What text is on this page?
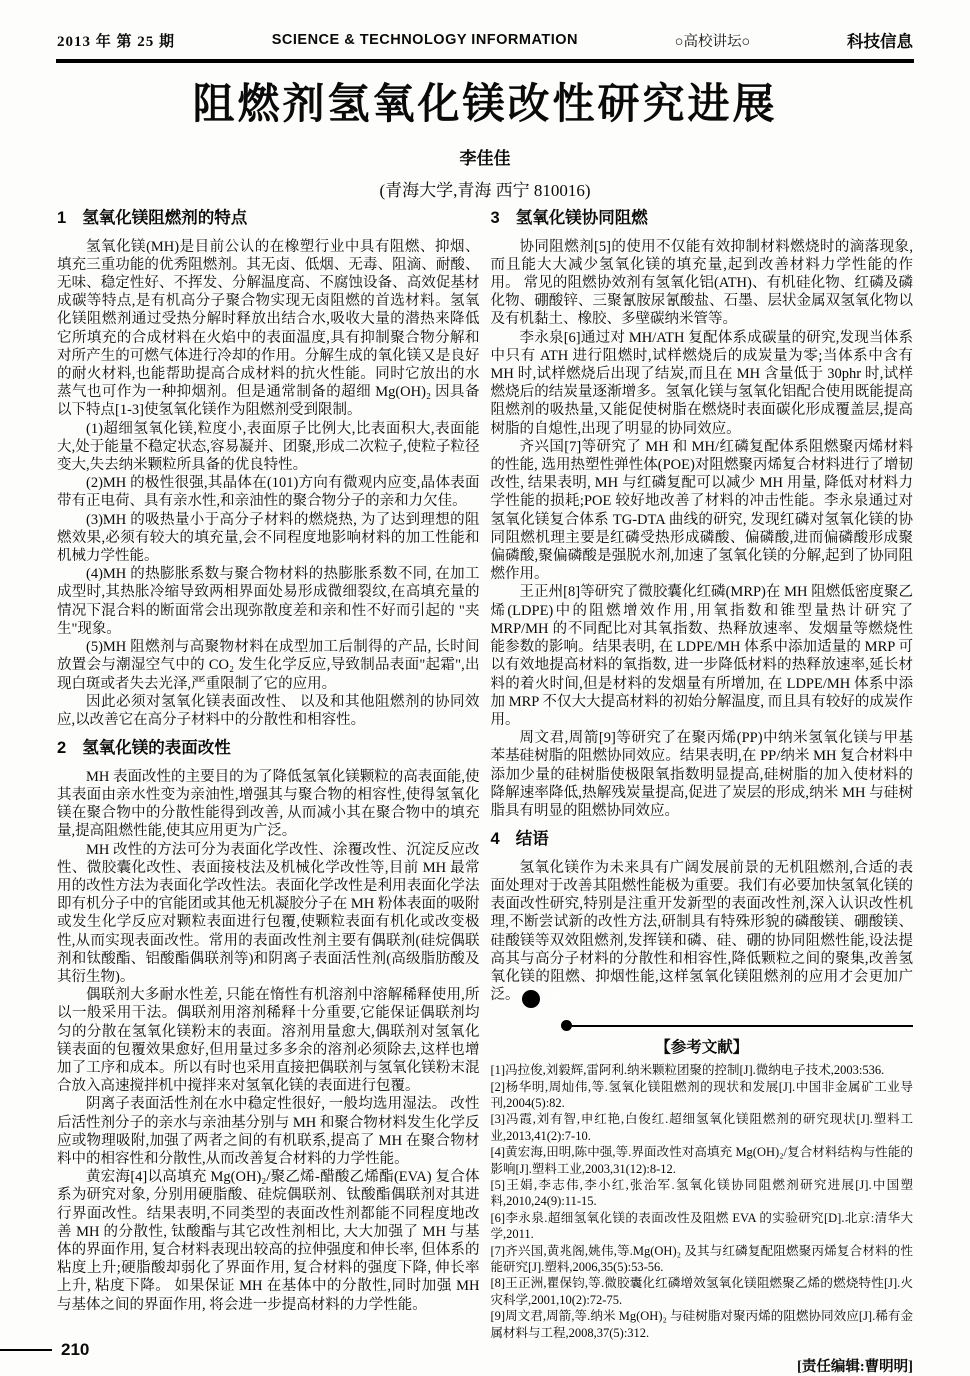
2013 年 第 25 期	SCIENCE & TECHNOLOGY INFORMATION	○高校讲坛○	科技信息
阻燃剂氢氧化镁改性研究进展
李佳佳
(青海大学,青海 西宁 810016)
1 氢氧化镁阻燃剂的特点

氢氧化镁(MH)是目前公认的在橡塑行业中具有阻燃、抑烟、填充三重功能的优秀阻燃剂。其无卤、低烟、无毒、阻滴、耐酸、无味、稳定性好、不挥发、分解温度高、不腐蚀设备、高效促基材成碳等特点,是有机高分子聚合物实现无卤阻燃的首选材料。氢氧化镁阻燃剂通过受热分解时释放出结合水,吸收大量的潜热来降低它所填充的合成材料在火焰中的表面温度,具有抑制聚合物分解和对所产生的可燃气体进行冷却的作用。分解生成的氧化镁又是良好的耐火材料,也能帮助提高合成材料的抗火性能。同时它放出的水蒸气也可作为一种抑烟剂。但是通常制备的超细 Mg(OH)₂ 因具备以下特点[1-3]使氢氧化镁作为阻燃剂受到限制。

(1)超细氢氧化镁,粒度小,表面原子比例大,比表面积大,表面能大,处于能量不稳定状态,容易凝并、团聚,形成二次粒子,使粒子粒径变大,失去纳米颗粒所具备的优良特性。

(2)MH 的极性很强,其晶体在(101)方向有微观内应变,晶体表面带有正电荷、具有亲水性,和亲油性的聚合物分子的亲和力欠佳。

(3)MH 的吸热量小于高分子材料的燃烧热, 为了达到理想的阻燃效果,必须有较大的填充量,会不同程度地影响材料的加工性能和机械力学性能。

(4)MH 的热膨胀系数与聚合物材料的热膨胀系数不同, 在加工成型时,其热胀冷缩导致两相界面处易形成微细裂纹,在高填充量的情况下混合料的断面常会出现弥散度差和亲和性不好而引起的 "夹生"现象。

(5)MH 阻燃剂与高聚物材料在成型加工后制得的产品, 长时间放置会与潮湿空气中的 CO₂ 发生化学反应,导致制品表面"起霜",出现白斑或者失去光泽,严重限制了它的应用。

因此必须对氢氧化镁表面改性、 以及和其他阻燃剂的协同效应,以改善它在高分子材料中的分散性和相容性。

2 氢氧化镁的表面改性

MH 表面改性的主要目的为了降低氢氧化镁颗粒的高表面能,使其表面由亲水性变为亲油性,增强其与聚合物的相容性,使得氢氧化镁在聚合物中的分散性能得到改善, 从而减小其在聚合物中的填充量,提高阻燃性能,使其应用更为广泛。

MH 改性的方法可分为表面化学改性、涂覆改性、沉淀反应改性、微胶囊化改性、表面接枝法及机械化学改性等,目前 MH 最常用的改性方法为表面化学改性法。表面化学改性是利用表面化学法即有机分子中的官能团或其他无机凝胶分子在 MH 粉体表面的吸附或发生化学反应对颗粒表面进行包覆,使颗粒表面有机化或改变极性,从而实现表面改性。常用的表面改性剂主要有偶联剂(硅烷偶联剂和钛酸酯、铝酸酯偶联剂等)和阴离子表面活性剂(高级脂肪酸及其衍生物)。

偶联剂大多耐水性差, 只能在惰性有机溶剂中溶解稀释使用,所以一般采用干法。偶联剂用溶剂稀释十分重要,它能保证偶联剂均匀的分散在氢氧化镁粉末的表面。溶剂用量愈大,偶联剂对氢氧化镁表面的包覆效果愈好,但用量过多多余的溶剂必须除去,这样也增加了工序和成本。所以有时也采用直接把偶联剂与氢氧化镁粉末混合放入高速搅拌机中搅拌来对氢氧化镁的表面进行包覆。

阴离子表面活性剂在水中稳定性很好, 一般均选用湿法。 改性后活性剂分子的亲水与亲油基分别与 MH 和聚合物材料发生化学反应或物理吸附,加强了两者之间的有机联系,提高了 MH 在聚合物材料中的相容性和分散性,从而改善复合材料的力学性能。

黄宏海[4]以高填充 Mg(OH)₂/聚乙烯-醋酸乙烯酯(EVA) 复合体系为研究对象, 分别用硬脂酸、硅烷偶联剂、钛酸酯偶联剂对其进行界面改性。结果表明,不同类型的表面改性剂都能不同程度地改善 MH 的分散性, 钛酸酯与其它改性剂相比, 大大加强了 MH 与基体的界面作用, 复合材料表现出较高的拉伸强度和伸长率, 但体系的粘度上升;硬脂酸却弱化了界面作用, 复合材料的强度下降, 伸长率上升, 粘度下降。 如果保证 MH 在基体中的分散性,同时加强 MH 与基体之间的界面作用, 将会进一步提高材料的力学性能。

3 氢氧化镁协同阻燃

协同阻燃剂[5]的使用不仅能有效抑制材料燃烧时的滴落现象, 而且能大大减少氢氧化镁的填充量,起到改善材料力学性能的作用。 常见的阻燃协效剂有氢氧化铝(ATH)、有机硅化物、红磷及磷化物、硼酸锌、三聚氰胺尿氰酸盐、石墨、层状金属双氢氧化物以及有机黏土、橡胶、多壁碳纳米管等。

李永泉[6]通过对 MH/ATH 复配体系成碳量的研究,发现当体系中只有 ATH 进行阻燃时,试样燃烧后的成炭量为零;当体系中含有 MH 时,试样燃烧后出现了结炭,而且在 MH 含量低于 30phr 时,试样燃烧后的结炭量逐渐增多。氢氧化镁与氢氧化铝配合使用既能提高阻燃剂的吸热量,又能促使树脂在燃烧时表面碳化形成覆盖层,提高树脂的自熄性,出现了明显的协同效应。

齐兴国[7]等研究了 MH 和 MH/红磷复配体系阻燃聚丙烯材料的性能, 选用热塑性弹性体(POE)对阻燃聚丙烯复合材料进行了增韧改性, 结果表明, MH 与红磷复配可以减少 MH 用量, 降低对材料力学性能的损耗;POE 较好地改善了材料的冲击性能。李永泉通过对氢氧化镁复合体系 TG-DTA 曲线的研究, 发现红磷对氢氧化镁的协同阻燃机理主要是红磷受热形成磷酸、偏磷酸,进而偏磷酸形成聚偏磷酸,聚偏磷酸是强脱水剂,加速了氢氧化镁的分解,起到了协同阻燃作用。

王正州[8]等研究了微胶囊化红磷(MRP)在 MH 阻燃低密度聚乙烯(LDPE)中的阻燃增效作用,用氧指数和锥型量热计研究了 MRP/MH 的不同配比对其氧指数、热释放速率、发烟量等燃烧性能参数的影响。结果表明, 在 LDPE/MH 体系中添加适量的 MRP 可以有效地提高材料的氧指数, 进一步降低材料的热释放速率,延长材料的着火时间,但是材料的发烟量有所增加, 在 LDPE/MH 体系中添加 MRP 不仅大大提高材料的初始分解温度, 而且具有较好的成炭作用。

周文君,周箭[9]等研究了在聚丙烯(PP)中纳米氢氧化镁与甲基苯基硅树脂的阻燃协同效应。结果表明,在 PP/纳米 MH 复合材料中添加少量的硅树脂使极限氧指数明显提高,硅树脂的加入使材料的降解速率降低,热解残炭量提高,促进了炭层的形成,纳米 MH 与硅树脂具有明显的阻燃协同效应。

4 结语

氢氧化镁作为未来具有广阔发展前景的无机阻燃剂,合适的表面处理对于改善其阻燃性能极为重要。我们有必要加快氢氧化镁的表面改性研究,特别是注重开发新型的表面改性剂,深入认识改性机理,不断尝试新的改性方法,研制具有特殊形貌的磷酸镁、硼酸镁、硅酸镁等双效阻燃剂,发挥镁和磷、硅、硼的协同阻燃性能,设法提高其与高分子材料的分散性和相容性,降低颗粒之间的聚集,改善氢氧化镁的阻燃、抑烟性能,这样氢氧化镁阻燃剂的应用才会更加广泛。	科

【参考文献】

[1]冯拉俊,刘毅辉,雷阿利.纳米颗粒团聚的控制[J].微纳电子技术,2003:536.

[2]杨华明,周灿伟,等.氢氧化镁阻燃剂的现状和发展[J].中国非金属矿工业导刊,2004(5):82.

[3]冯霞,刘有智,申红艳,白俊红.超细氢氧化镁阻燃剂的研究现状[J].塑料工业,2013,41(2):7-10.

[4]黄宏海,田明,陈中强,等.界面改性对高填充 Mg(OH)₂/复合材料结构与性能的影响[J].塑料工业,2003,31(12):8-12.

[5]王娟,李志伟,李小红,张治军.氢氧化镁协同阻燃剂研究进展[J].中国塑料,2010,24(9):11-15.

[6]李永泉.超细氢氧化镁的表面改性及阻燃 EVA 的实验研究[D].北京:清华大学,2011.

[7]齐兴国,黄兆阁,姚伟,等.Mg(OH)₂ 及其与红磷复配阻燃聚丙烯复合材料的性能研究[J].塑料,2006,35(5):53-56.

[8]王正洲,瞿保钧,等.微胶囊化红磷增效氢氧化镁阻燃聚乙烯的燃烧特性[J].火灾科学,2001,10(2):72-75.

[9]周文君,周箭,等.纳米 Mg(OH)₂ 与硅树脂对聚丙烯的阻燃协同效应[J].稀有金属材料与工程,2008,37(5):312.

[责任编辑:曹明明]
210
